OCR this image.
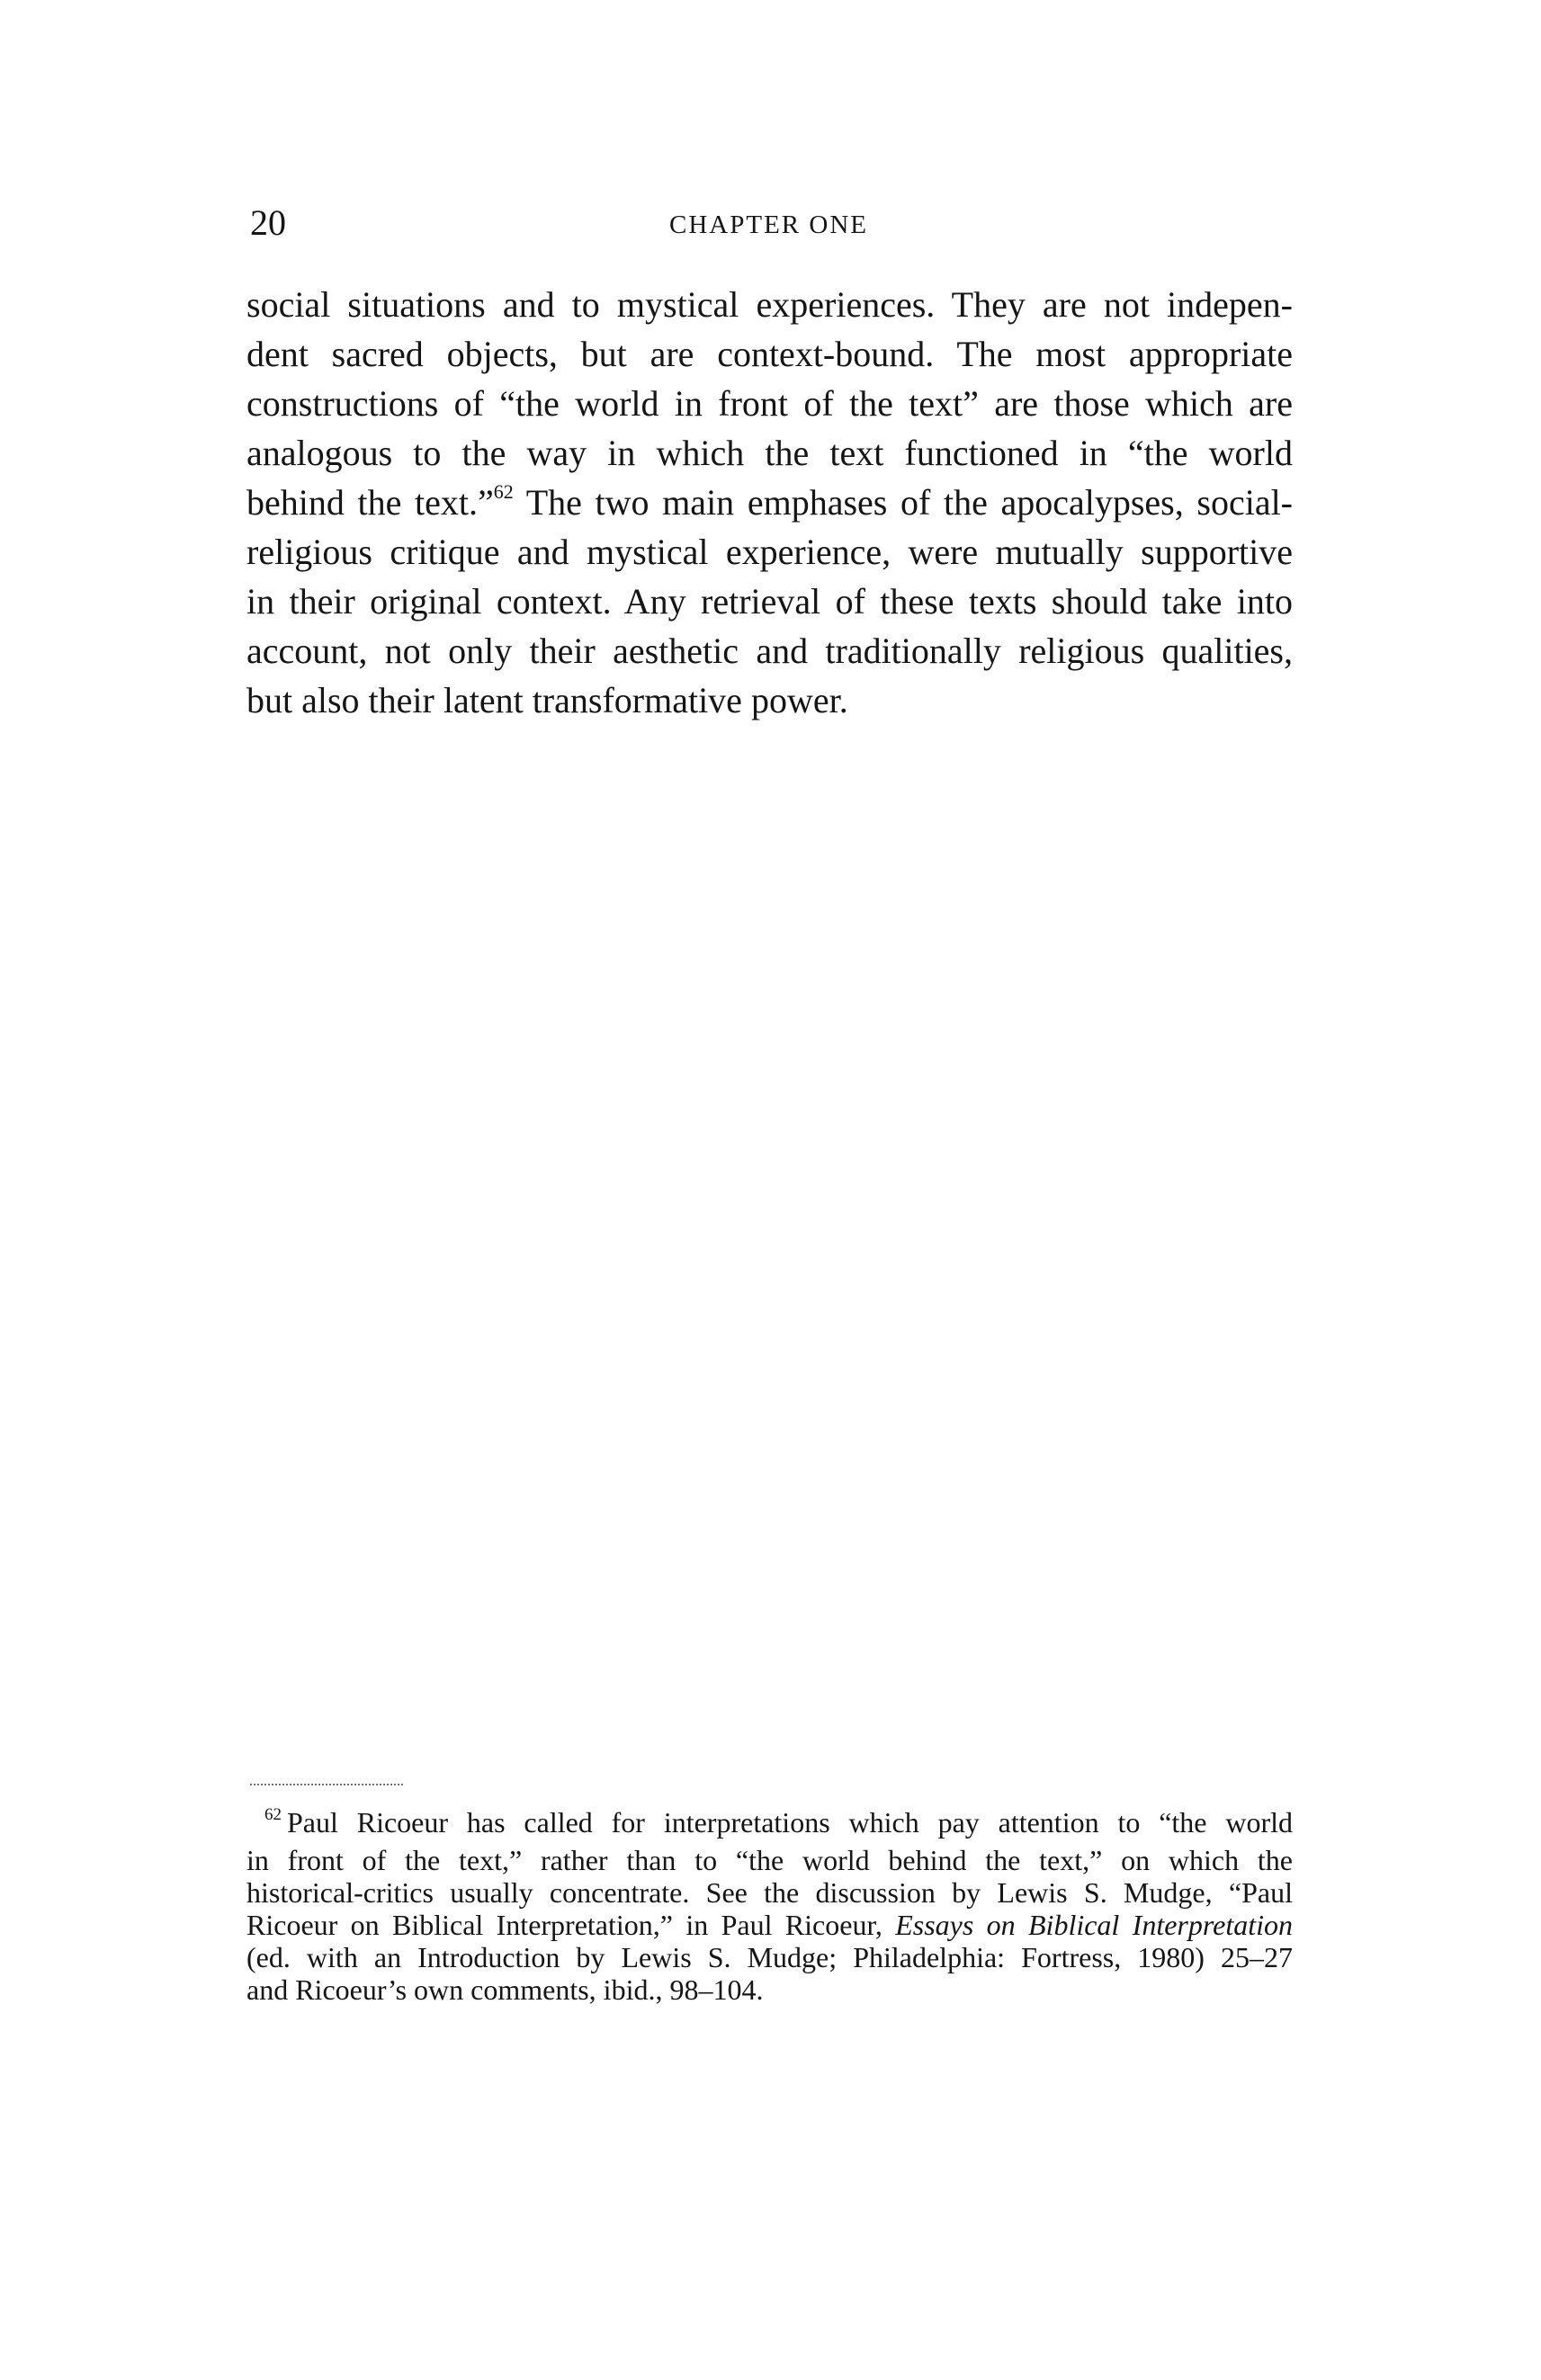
20	CHAPTER ONE

social situations and to mystical experiences. They are not indepen-
dent sacred objects, but are context-bound. The most appropriate
constructions of “the world in front of the text” are those which are
analogous to the way in which the text functioned in “the world
behind the text.”$^{62}$ The two main emphases of the apocalypses, social-
religious critique and mystical experience, were mutually supportive
in their original context. Any retrieval of these texts should take into
account, not only their aesthetic and traditionally religious qualities,
but also their latent transformative power.

62 Paul Ricoeur has called for interpretations which pay attention to “the world
in front of the text,” rather than to “the world behind the text,” on which the
historical-critics usually concentrate. See the discussion by Lewis S. Mudge, “Paul
Ricoeur on Biblical Interpretation,” in Paul Ricoeur, Essays on Biblical Interpretation
(ed. with an Introduction by Lewis S. Mudge; Philadelphia: Fortress, 1980) 25–27
and Ricoeur’s own comments, ibid., 98–104.
